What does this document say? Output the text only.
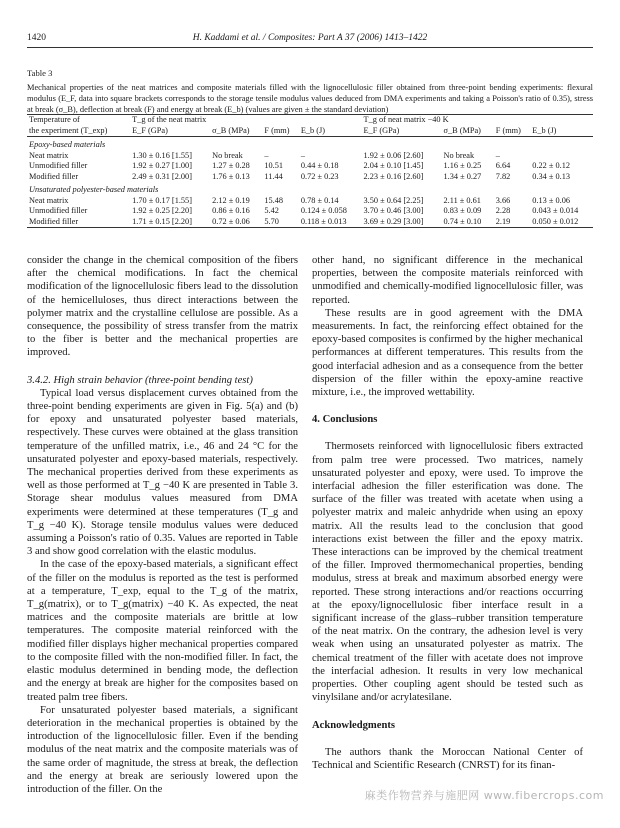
1420	H. Kaddami et al. / Composites: Part A 37 (2006) 1413–1422
Table 3
Mechanical properties of the neat matrices and composite materials filled with the lignocellulosic filler obtained from three-point bending experiments: flexural modulus (E_F, data into square brackets corresponds to the storage tensile modulus values deduced from DMA experiments and taking a Poisson's ratio of 0.35), stress at break (σ_B), deflection at break (F) and energy at break (E_b) (values are given ± the standard deviation)
Temperature of	T_g of the neat matrix				T_g of neat matrix −40 K			
the experiment (T_exp)	E_F (GPa)	σ_B (MPa)	F (mm)	E_b (J)	E_F (GPa)	σ_B (MPa)	F (mm)	E_b (J)
Epoxy-based materials								
Neat matrix	1.30 ± 0.16 [1.55]	No break	–	–	1.92 ± 0.06 [2.60]	No break	–	
Unmodified filler	1.92 ± 0.27 [1.00]	1.27 ± 0.28	10.51	0.44 ± 0.18	2.04 ± 0.10 [1.45]	1.16 ± 0.25	6.64	0.22 ± 0.12
Modified filler	2.49 ± 0.31 [2.00]	1.76 ± 0.13	11.44	0.72 ± 0.23	2.23 ± 0.16 [2.60]	1.34 ± 0.27	7.82	0.34 ± 0.13
Unsaturated polyester-based materials								
Neat matrix	1.70 ± 0.17 [1.55]	2.12 ± 0.19	15.48	0.78 ± 0.14	3.50 ± 0.64 [2.25]	2.11 ± 0.61	3.66	0.13 ± 0.06
Unmodified filler	1.92 ± 0.25 [2.20]	0.86 ± 0.16	5.42	0.124 ± 0.058	3.70 ± 0.46 [3.00]	0.83 ± 0.09	2.28	0.043 ± 0.014
Modified filler	1.71 ± 0.15 [2.20]	0.72 ± 0.06	5.70	0.118 ± 0.013	3.69 ± 0.29 [3.00]	0.74 ± 0.10	2.19	0.050 ± 0.012

consider the change in the chemical composition of the fibers after the chemical modifications. In fact the chemical modification of the lignocellulosic fibers lead to the dissolution of the hemicelluloses, thus direct interactions between the polymer matrix and the crystalline cellulose are possible. As a consequence, the possibility of stress transfer from the matrix to the fiber is better and the mechanical properties are improved.

3.4.2. High strain behavior (three-point bending test)

Typical load versus displacement curves obtained from the three-point bending experiments are given in Fig. 5(a) and (b) for epoxy and unsaturated polyester based materials, respectively. These curves were obtained at the glass transition temperature of the unfilled matrix, i.e., 46 and 24 °C for the unsaturated polyester and epoxy-based materials, respectively. The mechanical properties derived from these experiments as well as those performed at T_g −40 K are presented in Table 3. Storage shear modulus values measured from DMA experiments were determined at these temperatures (T_g and T_g −40 K). Storage tensile modulus values were deduced assuming a Poisson's ratio of 0.35. Values are reported in Table 3 and show good correlation with the elastic modulus.

In the case of the epoxy-based materials, a significant effect of the filler on the modulus is reported as the test is performed at a temperature, T_exp, equal to the T_g of the matrix, T_g(matrix), or to T_g(matrix) −40 K. As expected, the neat matrices and the composite materials are brittle at low temperatures. The composite material reinforced with the modified filler displays higher mechanical properties compared to the composite filled with the non-modified filler. In fact, the elastic modulus determined in bending mode, the deflection and the energy at break are higher for the composites based on treated palm tree fibers.

For unsaturated polyester based materials, a significant deterioration in the mechanical properties is obtained by the introduction of the lignocellulosic filler. Even if the bending modulus of the neat matrix and the composite materials was of the same order of magnitude, the stress at break, the deflection and the energy at break are seriously lowered upon the introduction of the filler. On the

other hand, no significant difference in the mechanical properties, between the composite materials reinforced with unmodified and chemically-modified lignocellulosic filler, was reported.

These results are in good agreement with the DMA measurements. In fact, the reinforcing effect obtained for the epoxy-based composites is confirmed by the higher mechanical performances at different temperatures. This results from the good interfacial adhesion and as a consequence from the better dispersion of the filler within the epoxy-amine reactive mixture, i.e., the improved wettability.

4. Conclusions

Thermosets reinforced with lignocellulosic fibers extracted from palm tree were processed. Two matrices, namely unsaturated polyester and epoxy, were used. To improve the interfacial adhesion the filler esterification was done. The surface of the filler was treated with acetate when using a polyester matrix and maleic anhydride when using an epoxy matrix. All the results lead to the conclusion that good interactions exist between the filler and the epoxy matrix. These interactions can be improved by the chemical treatment of the filler. Improved thermomechanical properties, bending modulus, stress at break and maximum absorbed energy were reported. These strong interactions and/or reactions occurring at the epoxy/lignocellulosic fiber interface result in a significant increase of the glass–rubber transition temperature of the neat matrix. On the contrary, the adhesion level is very weak when using an unsaturated polyester as matrix. The chemical treatment of the filler with acetate does not improve the interfacial adhesion. It results in very low mechanical properties. Other coupling agent should be tested such as vinylsilane and/or acrylatesilane.

Acknowledgments

The authors thank the Moroccan National Center of Technical and Scientific Research (CNRST) for its finan-

麻类作物营养与施肥网 www.fibercrops.com
